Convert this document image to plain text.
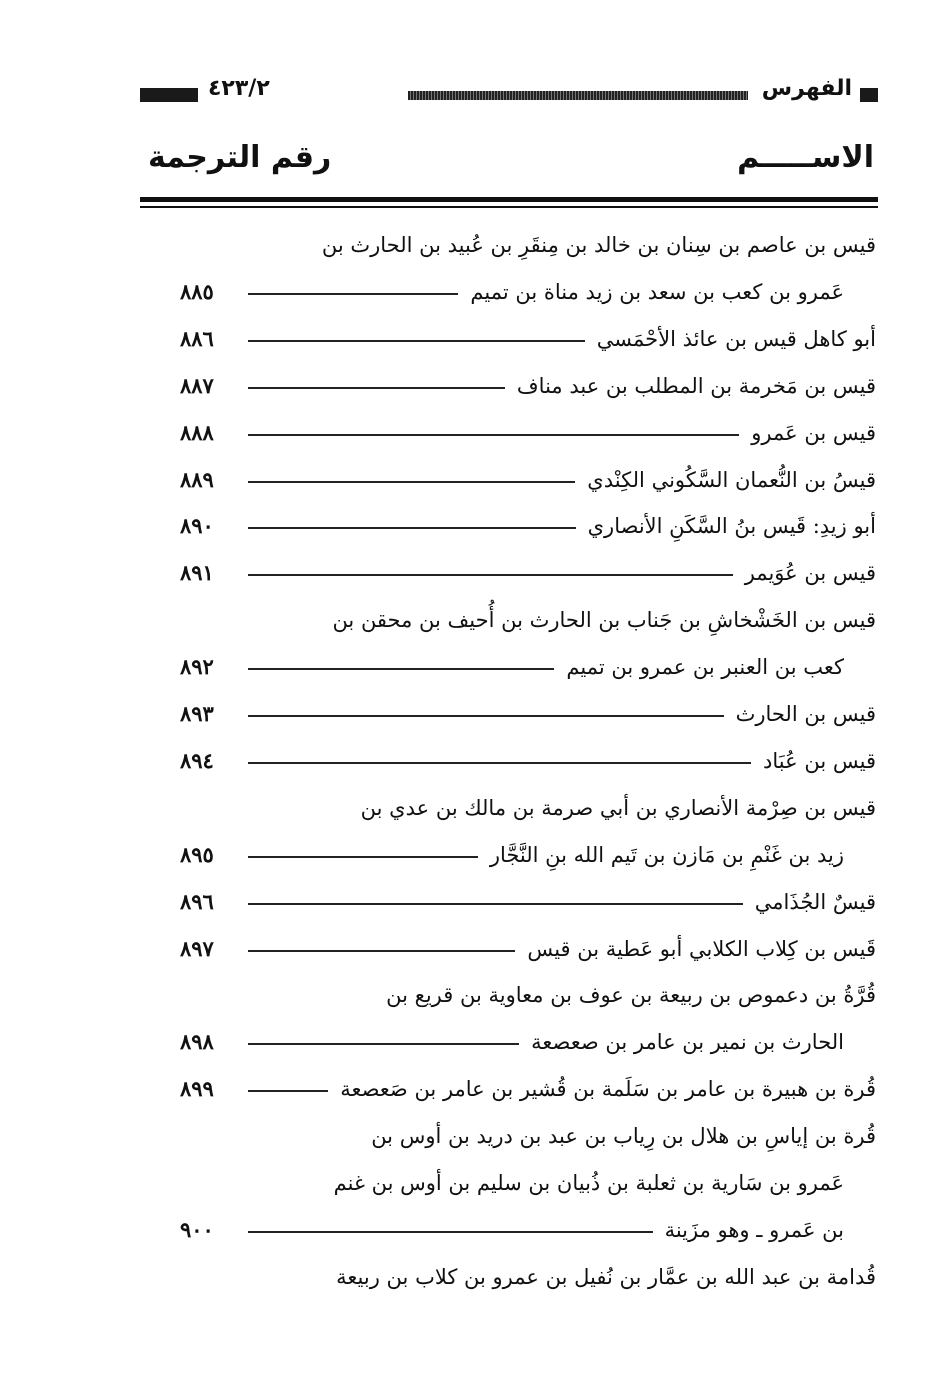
الفهرس
٤٢٣/٢
الاســـــم
رقم الترجمة
قيس بن عاصم بن سِنان بن خالد بن مِنقَرِ بن عُبيد بن الحارث بن
عَمرو بن كعب بن سعد بن زيد مناة بن تميم
٨٨٥
أبو كاهل قيس بن عائذ الأحْمَسي
٨٨٦
قيس بن مَخرمة بن المطلب بن عبد مناف
٨٨٧
قيس بن عَمرو
٨٨٨
قيسُ بن النُّعمان السَّكُوني الكِنْدي
٨٨٩
أبو زيدِ: قَيس بنُ السَّكَنِ الأنصاري
٨٩٠
قيس بن عُوَيمر
٨٩١
قيس بن الخَشْخاشِ بن جَناب بن الحارث بن أُحيف بن محقن بن
كعب بن العنبر بن عمرو بن تميم
٨٩٢
قيس بن الحارث
٨٩٣
قيس بن عُبَاد
٨٩٤
قيس بن صِرْمة الأنصاري بن أبي صرمة بن مالك بن عدي بن
زيد بن غَنْمِ بن مَازن بن تَيم الله بنِ النَّجَّار
٨٩٥
قيسٌ الجُذَامي
٨٩٦
قَيس بن كِلاب الكلابي أبو عَطية بن قيس
٨٩٧
قُرَّةُ بن دعموص بن ربيعة بن عوف بن معاوية بن قريع بن
الحارث بن نمير بن عامر بن صعصعة
٨٩٨
قُرة بن هبيرة بن عامر بن سَلَمة بن قُشير بن عامر بن صَعصعة
٨٩٩
قُرة بن إياسِ بن هلال بن رِياب بن عبد بن دريد بن أوس بن
عَمرو بن سَارية بن ثعلبة بن ذُبيان بن سليم بن أوس بن غنم
بن عَمرو ـ وهو مزَينة
٩٠٠
قُدامة بن عبد الله بن عمَّار بن نُفيل بن عمرو بن كلاب بن ربيعة
